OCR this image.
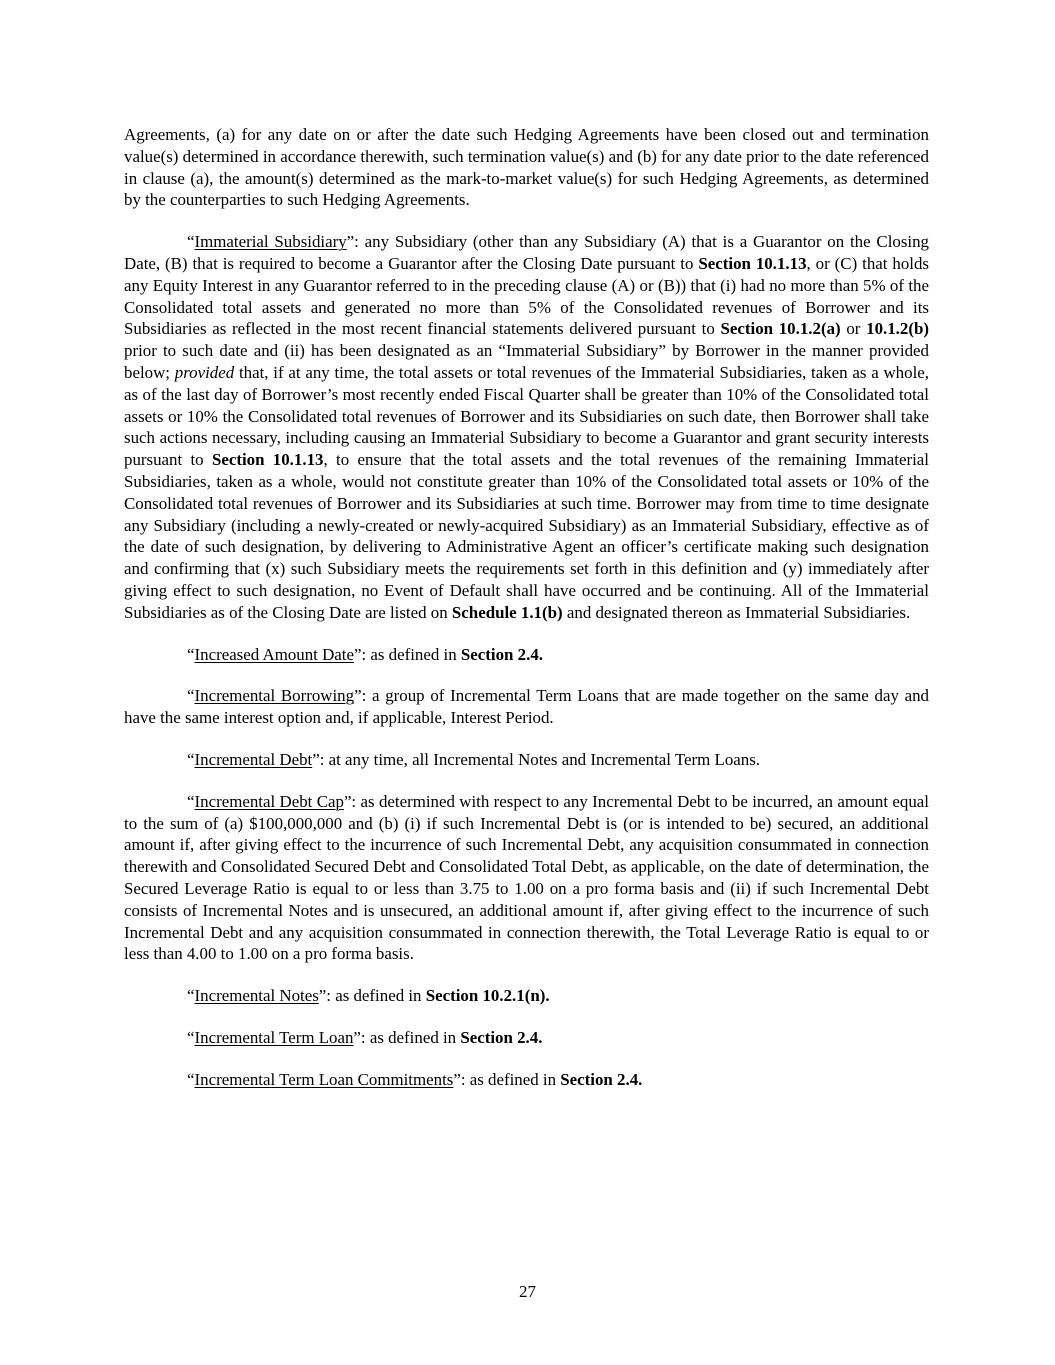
Agreements, (a) for any date on or after the date such Hedging Agreements have been closed out and termination value(s) determined in accordance therewith, such termination value(s) and (b) for any date prior to the date referenced in clause (a), the amount(s) determined as the mark-to-market value(s) for such Hedging Agreements, as determined by the counterparties to such Hedging Agreements.

“Immaterial Subsidiary”: any Subsidiary (other than any Subsidiary (A) that is a Guarantor on the Closing Date, (B) that is required to become a Guarantor after the Closing Date pursuant to Section 10.1.13, or (C) that holds any Equity Interest in any Guarantor referred to in the preceding clause (A) or (B)) that (i) had no more than 5% of the Consolidated total assets and generated no more than 5% of the Consolidated revenues of Borrower and its Subsidiaries as reflected in the most recent financial statements delivered pursuant to Section 10.1.2(a) or 10.1.2(b) prior to such date and (ii) has been designated as an “Immaterial Subsidiary” by Borrower in the manner provided below; provided that, if at any time, the total assets or total revenues of the Immaterial Subsidiaries, taken as a whole, as of the last day of Borrower’s most recently ended Fiscal Quarter shall be greater than 10% of the Consolidated total assets or 10% the Consolidated total revenues of Borrower and its Subsidiaries on such date, then Borrower shall take such actions necessary, including causing an Immaterial Subsidiary to become a Guarantor and grant security interests pursuant to Section 10.1.13, to ensure that the total assets and the total revenues of the remaining Immaterial Subsidiaries, taken as a whole, would not constitute greater than 10% of the Consolidated total assets or 10% of the Consolidated total revenues of Borrower and its Subsidiaries at such time. Borrower may from time to time designate any Subsidiary (including a newly-created or newly-acquired Subsidiary) as an Immaterial Subsidiary, effective as of the date of such designation, by delivering to Administrative Agent an officer’s certificate making such designation and confirming that (x) such Subsidiary meets the requirements set forth in this definition and (y) immediately after giving effect to such designation, no Event of Default shall have occurred and be continuing. All of the Immaterial Subsidiaries as of the Closing Date are listed on Schedule 1.1(b) and designated thereon as Immaterial Subsidiaries.

“Increased Amount Date”: as defined in Section 2.4.

“Incremental Borrowing”: a group of Incremental Term Loans that are made together on the same day and have the same interest option and, if applicable, Interest Period.

“Incremental Debt”: at any time, all Incremental Notes and Incremental Term Loans.

“Incremental Debt Cap”: as determined with respect to any Incremental Debt to be incurred, an amount equal to the sum of (a) $100,000,000 and (b) (i) if such Incremental Debt is (or is intended to be) secured, an additional amount if, after giving effect to the incurrence of such Incremental Debt, any acquisition consummated in connection therewith and Consolidated Secured Debt and Consolidated Total Debt, as applicable, on the date of determination, the Secured Leverage Ratio is equal to or less than 3.75 to 1.00 on a pro forma basis and (ii) if such Incremental Debt consists of Incremental Notes and is unsecured, an additional amount if, after giving effect to the incurrence of such Incremental Debt and any acquisition consummated in connection therewith, the Total Leverage Ratio is equal to or less than 4.00 to 1.00 on a pro forma basis.

“Incremental Notes”: as defined in Section 10.2.1(n).

“Incremental Term Loan”: as defined in Section 2.4.

“Incremental Term Loan Commitments”: as defined in Section 2.4.

27
